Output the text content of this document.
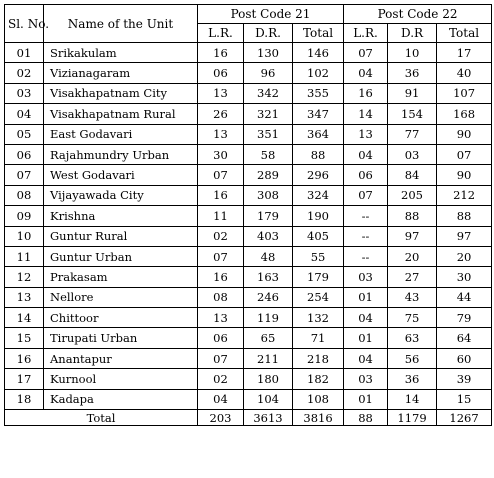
Sl. No.	Name of the Unit	Post Code 21			Post Code 22		
		L.R.	D.R.	Total	L.R.	D.R	Total
01	Srikakulam	16	130	146	07	10	17
02	Vizianagaram	06	96	102	04	36	40
03	Visakhapatnam City	13	342	355	16	91	107
04	Visakhapatnam Rural	26	321	347	14	154	168
05	East Godavari	13	351	364	13	77	90
06	Rajahmundry Urban	30	58	88	04	03	07
07	West Godavari	07	289	296	06	84	90
08	Vijayawada City	16	308	324	07	205	212
09	Krishna	11	179	190	--	88	88
10	Guntur Rural	02	403	405	--	97	97
11	Guntur Urban	07	48	55	--	20	20
12	Prakasam	16	163	179	03	27	30
13	Nellore	08	246	254	01	43	44
14	Chittoor	13	119	132	04	75	79
15	Tirupati Urban	06	65	71	01	63	64
16	Anantapur	07	211	218	04	56	60
17	Kurnool	02	180	182	03	36	39
18	Kadapa	04	104	108	01	14	15
Total		203	3613	3816	88	1179	1267
